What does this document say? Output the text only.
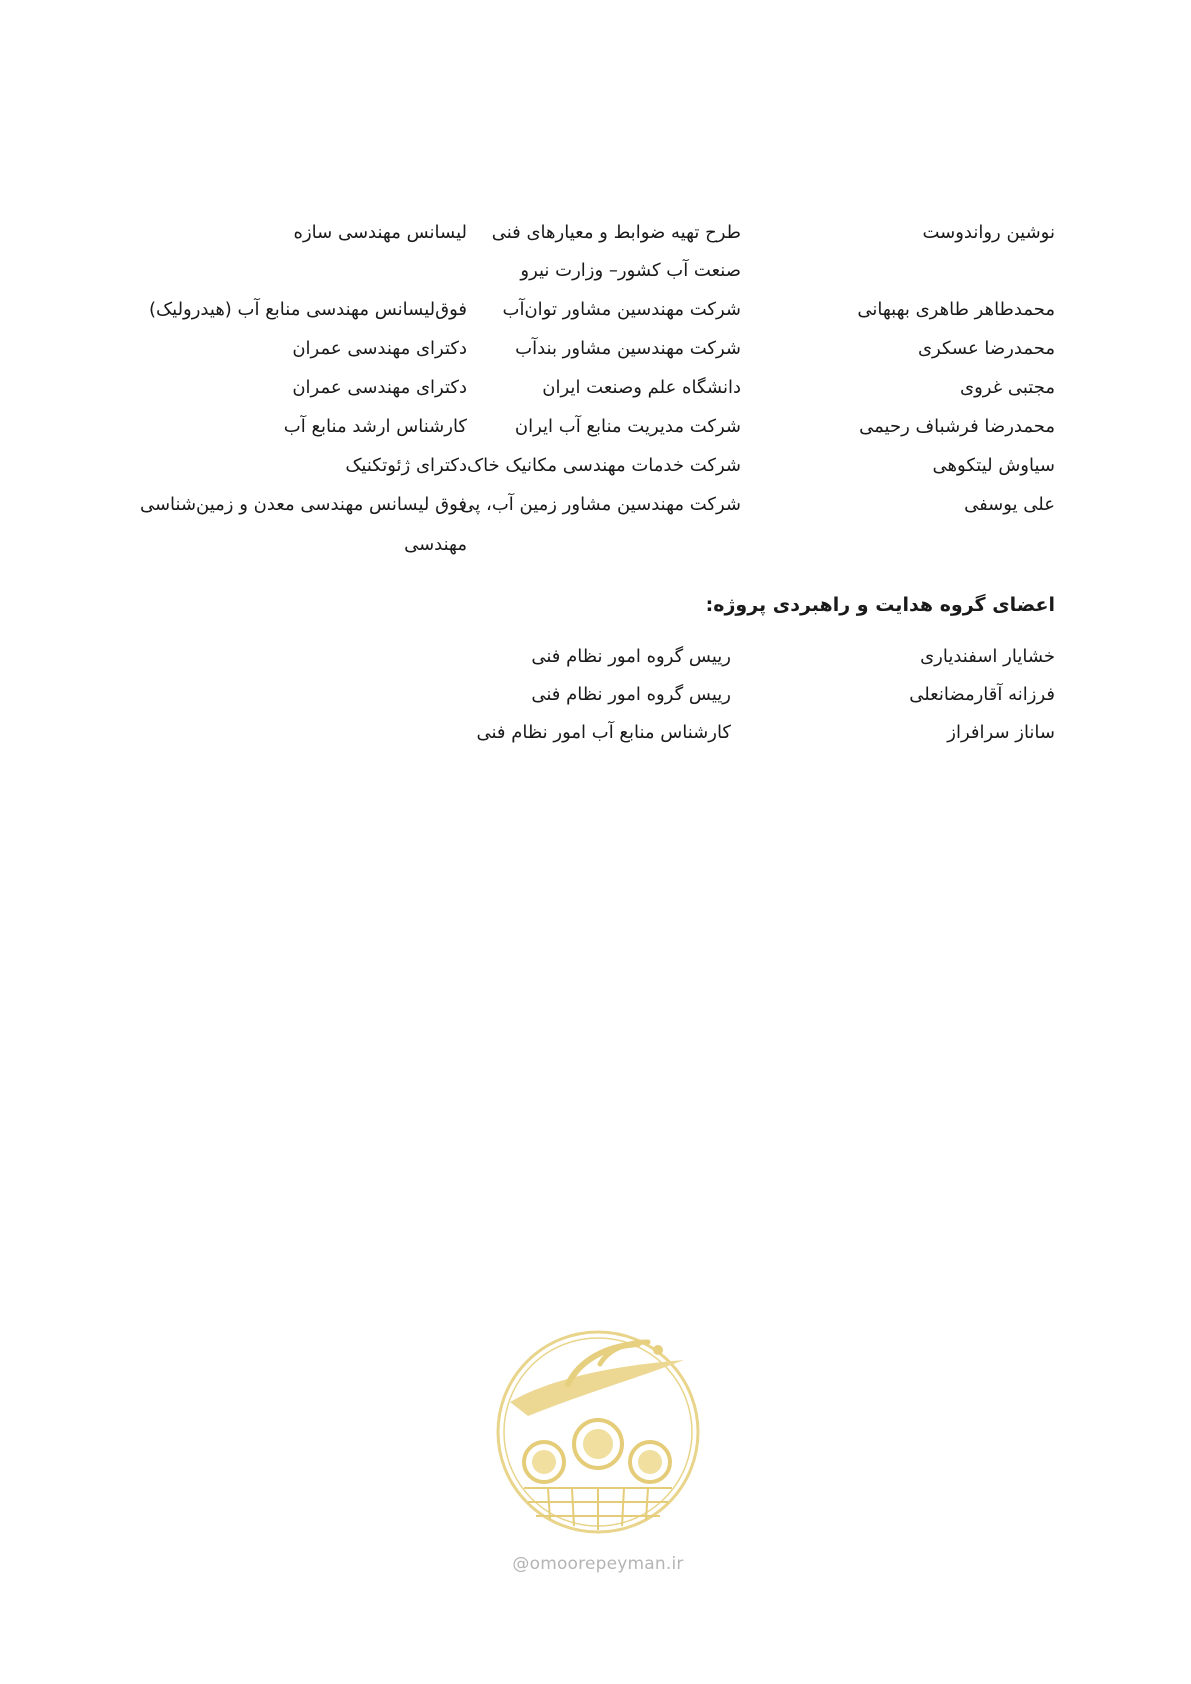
نوشین رواندوست
طرح تهیه ضوابط و معیارهای فنی
لیسانس مهندسی سازه
صنعت آب کشور– وزارت نیرو
محمدطاهر طاهری بهبهانی
شرکت مهندسین مشاور توان‌آب
فوق‌لیسانس مهندسی منابع آب (هیدرولیک)
محمدرضا عسکری
شرکت مهندسین مشاور بندآب
دکترای مهندسی عمران
مجتبی غروی
دانشگاه علم وصنعت ایران
دکترای مهندسی عمران
محمدرضا فرشباف رحیمی
شرکت مدیریت منابع آب ایران
کارشناس ارشد منابع آب
سیاوش لیتکوهی
شرکت خدمات مهندسی مکانیک خاک
دکترای ژئوتکنیک
علی یوسفی
شرکت مهندسین مشاور زمین آب، پی
فوق لیسانس مهندسی معدن و زمین‌شناسی
مهندسی
اعضای گروه هدایت و راهبردی پروژه:
خشایار اسفندیاری
رییس گروه امور نظام فنی
فرزانه آقارمضانعلی
رییس گروه امور نظام فنی
ساناز سرافراز
کارشناس منابع آب امور نظام فنی
@omoorepeyman.ir
